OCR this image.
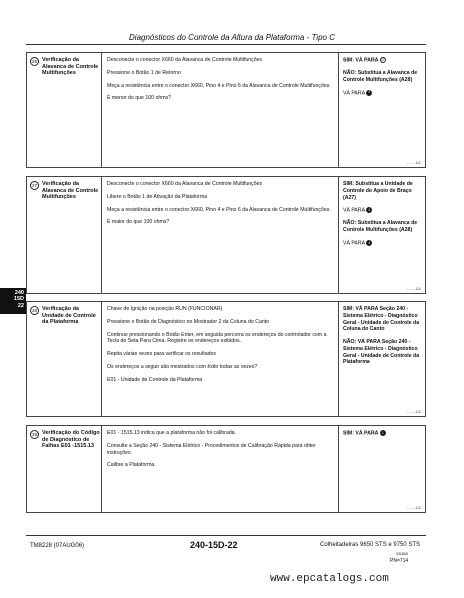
Diagnósticos do Controle da Altura da Plataforma - Tipo C
240
15D
22
26 Verificação da Alavanca de Controle Multifunções

Desconecte o conector X660 da Alavanca de Controle Multifunções

Pressione o Botão 1 de Retorno

Meça a resistência entre o conector X660, Pino 4 e Pino 6 da Alavanca de Controle Multifunções.

É menor do que 100 ohms?

SIM: VÁ PARA 27

NÃO: Substitua a Alavanca de Controle Multifunções (A28)

VÁ PARA 4

- - - -1/1
27 Verificação da Alavanca de Controle Multifunções

Desconecte o conector X660 da Alavanca de Controle Multifunções

Libere o Botão 1 de Ativação da Plataforma

Meça a resistência entre o conector X660, Pino 4 e Pino 6 da Alavanca de Controle Multifunções.

É maior do que 100 ohms?

SIM: Substitua a Unidade de Controle do Apoio de Braço (A27)

VÁ PARA 4

NÃO: Substitua a Alavanca de Controle Multifunções (A28)

VÁ PARA 4

- - - -1/1
28 Verificação da Unidade de Controle da Plataforma

Chave de Ignição na posição RUN (FUNCIONAR)

Pressione o Botão de Diagnóstico no Mostrador 2 da Coluna do Canto

Continue pressionando o Botão Enter, em seguida percorra os endereços do controlador com a Tecla de Seta Para Cima. Registre os endereços exibidos.

Repita várias vezes para verificar os resultados

Os endereços a seguir são mostrados com êxito todas as vezes?

E01 - Unidade de Controle da Plataforma

SIM: VÁ PARA Seção 240 - Sistema Elétrico - Diagnóstico Geral - Unidade de Controle da Coluna do Canto

NÃO: VÁ PARA Seção 240 - Sistema Elétrico - Diagnóstico Geral - Unidade de Controle da Plataforma

- - - -1/1
29 Verificação do Código de Diagnóstico de Falhas E01 -1515.13

E01 - 1515.13 indica que a plataforma não foi calibrada.

Consulte a Seção 240 - Sistema Elétrico - Procedimentos de Calibração Rápida para obter instruções.

Calibre a Plataforma.

SIM: VÁ PARA 1

- - - -1/1
TM8228 (07AUG06)	240-15D-22	Colheitadeiras 9650 STS e 9750 STS
031808
PN=714
www.epcatalogs.com
